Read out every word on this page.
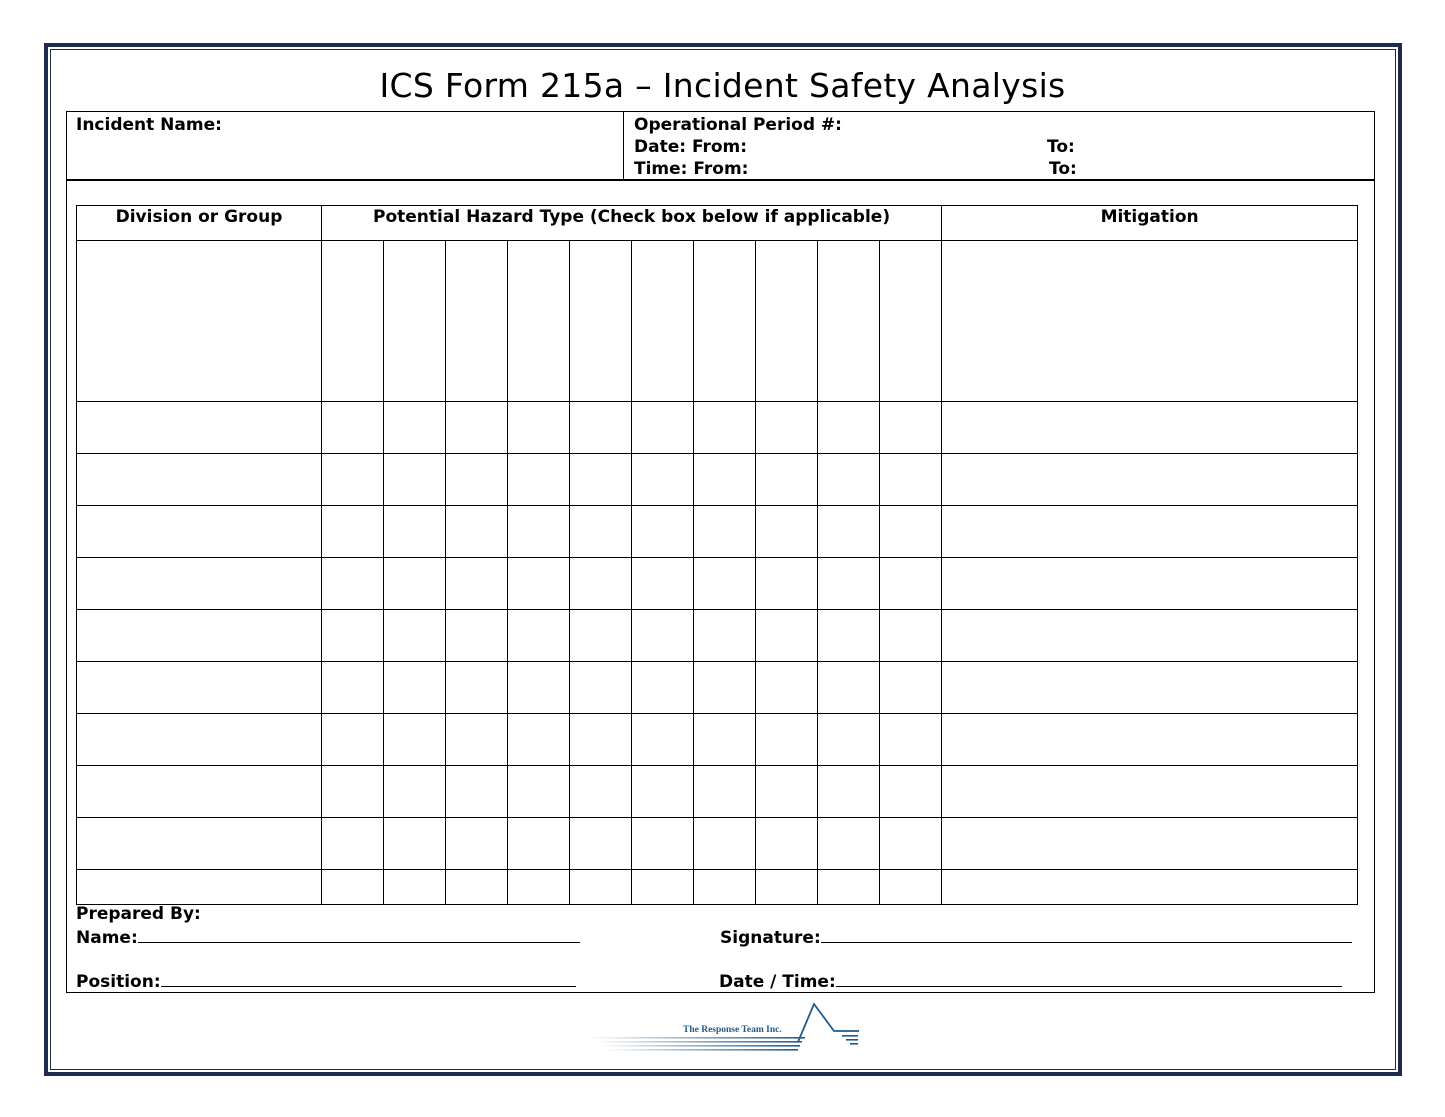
ICS Form 215a – Incident Safety Analysis
Incident Name:	Operational Period #:
Date: From:	To:
Time: From:	To:
Division or Group	Potential Hazard Type (Check box below if applicable)										Mitigation

Prepared By:
Name:	Signature:
Position:	Date / Time:
The Response Team Inc.
